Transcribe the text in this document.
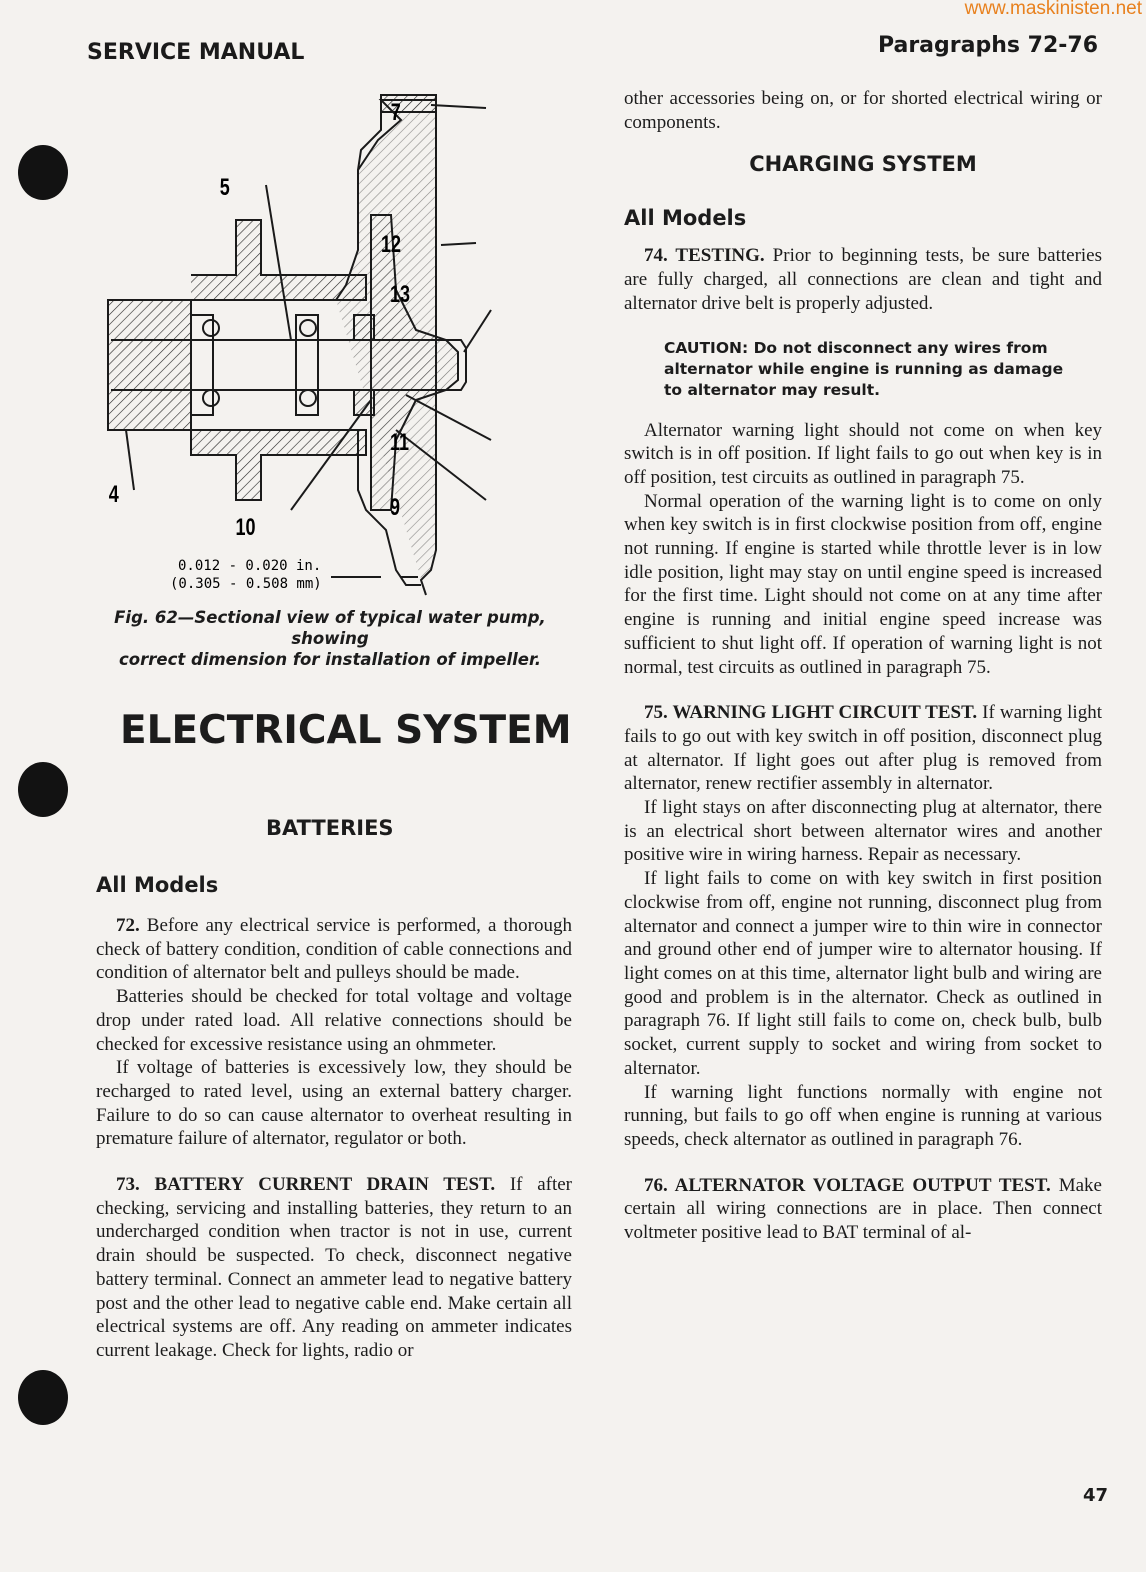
www.maskinisten.net
SERVICE MANUAL	Paragraphs 72-76
7
5
12
13
11
4
10
9
0.012 - 0.020 in.
(0.305 - 0.508 mm)
Fig. 62—Sectional view of typical water pump, showing
correct dimension for installation of impeller.
ELECTRICAL SYSTEM
BATTERIES
All Models

72. Before any electrical service is performed, a thorough check of battery condition, condition of cable connections and condition of alternator belt and pulleys should be made.

Batteries should be checked for total voltage and voltage drop under rated load. All relative connections should be checked for excessive resistance using an ohmmeter.

If voltage of batteries is excessively low, they should be recharged to rated level, using an external battery charger. Failure to do so can cause alternator to overheat resulting in premature failure of alternator, regulator or both.

73. BATTERY CURRENT DRAIN TEST. If after checking, servicing and installing batteries, they return to an undercharged condition when tractor is not in use, current drain should be suspected. To check, disconnect negative battery terminal. Connect an ammeter lead to negative battery post and the other lead to negative cable end. Make certain all electrical systems are off. Any reading on ammeter indicates current leakage. Check for lights, radio or

other accessories being on, or for shorted electrical wiring or components.

CHARGING SYSTEM
All Models

74. TESTING. Prior to beginning tests, be sure batteries are fully charged, all connections are clean and tight and alternator drive belt is properly adjusted.

CAUTION: Do not disconnect any wires from alternator while engine is running as damage to alternator may result.

Alternator warning light should not come on when key switch is in off position. If light fails to go out when key is in off position, test circuits as outlined in paragraph 75.

Normal operation of the warning light is to come on only when key switch is in first clockwise position from off, engine not running. If engine is started while throttle lever is in low idle position, light may stay on until engine speed is increased for the first time. Light should not come on at any time after engine is running and initial engine speed increase was sufficient to shut light off. If operation of warning light is not normal, test circuits as outlined in paragraph 75.

75. WARNING LIGHT CIRCUIT TEST. If warning light fails to go out with key switch in off position, disconnect plug at alternator. If light goes out after plug is removed from alternator, renew rectifier assembly in alternator.

If light stays on after disconnecting plug at alternator, there is an electrical short between alternator wires and another positive wire in wiring harness. Repair as necessary.

If light fails to come on with key switch in first position clockwise from off, engine not running, disconnect plug from alternator and connect a jumper wire to thin wire in connector and ground other end of jumper wire to alternator housing. If light comes on at this time, alternator light bulb and wiring are good and problem is in the alternator. Check as outlined in paragraph 76. If light still fails to come on, check bulb, bulb socket, current supply to socket and wiring from socket to alternator.

If warning light functions normally with engine not running, but fails to go off when engine is running at various speeds, check alternator as outlined in paragraph 76.

76. ALTERNATOR VOLTAGE OUTPUT TEST. Make certain all wiring connections are in place. Then connect voltmeter positive lead to BAT terminal of al-

47
